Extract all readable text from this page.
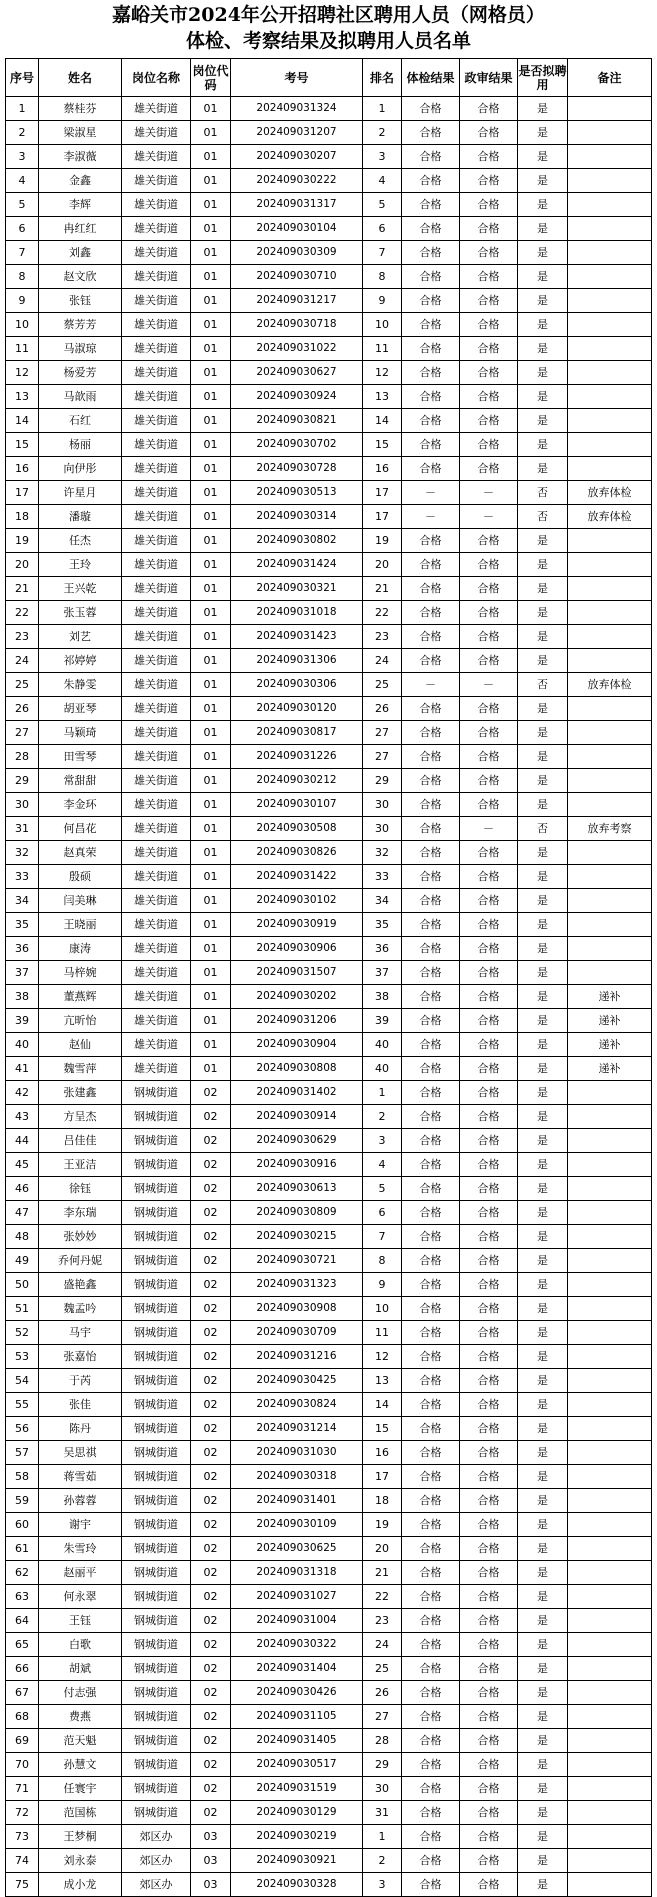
嘉峪关市2024年公开招聘社区聘用人员（网格员）
体检、考察结果及拟聘用人员名单
序号	姓名	岗位名称	岗位代码	考号	排名	体检结果	政审结果	是否拟聘用	备注
1	蔡桂芬	雄关街道	01	202409031324	1	合格	合格	是	
2	梁淑星	雄关街道	01	202409031207	2	合格	合格	是	
3	李淑薇	雄关街道	01	202409030207	3	合格	合格	是	
4	金鑫	雄关街道	01	202409030222	4	合格	合格	是	
5	李辉	雄关街道	01	202409031317	5	合格	合格	是	
6	冉红红	雄关街道	01	202409030104	6	合格	合格	是	
7	刘鑫	雄关街道	01	202409030309	7	合格	合格	是	
8	赵文欣	雄关街道	01	202409030710	8	合格	合格	是	
9	张钰	雄关街道	01	202409031217	9	合格	合格	是	
10	蔡芳芳	雄关街道	01	202409030718	10	合格	合格	是	
11	马淑琼	雄关街道	01	202409031022	11	合格	合格	是	
12	杨爱芳	雄关街道	01	202409030627	12	合格	合格	是	
13	马歆雨	雄关街道	01	202409030924	13	合格	合格	是	
14	石红	雄关街道	01	202409030821	14	合格	合格	是	
15	杨丽	雄关街道	01	202409030702	15	合格	合格	是	
16	向伊彤	雄关街道	01	202409030728	16	合格	合格	是	
17	许星月	雄关街道	01	202409030513	17	－	－	否	放弃体检
18	潘璇	雄关街道	01	202409030314	17	－	－	否	放弃体检
19	任杰	雄关街道	01	202409030802	19	合格	合格	是	
20	王玲	雄关街道	01	202409031424	20	合格	合格	是	
21	王兴乾	雄关街道	01	202409030321	21	合格	合格	是	
22	张玉蓉	雄关街道	01	202409031018	22	合格	合格	是	
23	刘艺	雄关街道	01	202409031423	23	合格	合格	是	
24	祁婷婷	雄关街道	01	202409031306	24	合格	合格	是	
25	朱静雯	雄关街道	01	202409030306	25	－	－	否	放弃体检
26	胡亚琴	雄关街道	01	202409030120	26	合格	合格	是	
27	马颖琦	雄关街道	01	202409030817	27	合格	合格	是	
28	田雪琴	雄关街道	01	202409031226	27	合格	合格	是	
29	常甜甜	雄关街道	01	202409030212	29	合格	合格	是	
30	李金环	雄关街道	01	202409030107	30	合格	合格	是	
31	何昌花	雄关街道	01	202409030508	30	合格	－	否	放弃考察
32	赵真荣	雄关街道	01	202409030826	32	合格	合格	是	
33	殷硕	雄关街道	01	202409031422	33	合格	合格	是	
34	闫美琳	雄关街道	01	202409030102	34	合格	合格	是	
35	王晓丽	雄关街道	01	202409030919	35	合格	合格	是	
36	康涛	雄关街道	01	202409030906	36	合格	合格	是	
37	马梓婉	雄关街道	01	202409031507	37	合格	合格	是	
38	董燕辉	雄关街道	01	202409030202	38	合格	合格	是	递补
39	亢昕怡	雄关街道	01	202409031206	39	合格	合格	是	递补
40	赵仙	雄关街道	01	202409030904	40	合格	合格	是	递补
41	魏雪萍	雄关街道	01	202409030808	40	合格	合格	是	递补
42	张建鑫	钢城街道	02	202409031402	1	合格	合格	是	
43	方呈杰	钢城街道	02	202409030914	2	合格	合格	是	
44	吕佳佳	钢城街道	02	202409030629	3	合格	合格	是	
45	王亚洁	钢城街道	02	202409030916	4	合格	合格	是	
46	徐钰	钢城街道	02	202409030613	5	合格	合格	是	
47	李东瑞	钢城街道	02	202409030809	6	合格	合格	是	
48	张妙妙	钢城街道	02	202409030215	7	合格	合格	是	
49	乔何丹妮	钢城街道	02	202409030721	8	合格	合格	是	
50	盛艳鑫	钢城街道	02	202409031323	9	合格	合格	是	
51	魏孟吟	钢城街道	02	202409030908	10	合格	合格	是	
52	马宇	钢城街道	02	202409030709	11	合格	合格	是	
53	张嘉怡	钢城街道	02	202409031216	12	合格	合格	是	
54	于芮	钢城街道	02	202409030425	13	合格	合格	是	
55	张佳	钢城街道	02	202409030824	14	合格	合格	是	
56	陈丹	钢城街道	02	202409031214	15	合格	合格	是	
57	吴思祺	钢城街道	02	202409031030	16	合格	合格	是	
58	蒋雪茹	钢城街道	02	202409030318	17	合格	合格	是	
59	孙蓉蓉	钢城街道	02	202409031401	18	合格	合格	是	
60	谢宇	钢城街道	02	202409030109	19	合格	合格	是	
61	朱雪玲	钢城街道	02	202409030625	20	合格	合格	是	
62	赵丽平	钢城街道	02	202409031318	21	合格	合格	是	
63	何永翠	钢城街道	02	202409031027	22	合格	合格	是	
64	王钰	钢城街道	02	202409031004	23	合格	合格	是	
65	白歌	钢城街道	02	202409030322	24	合格	合格	是	
66	胡斌	钢城街道	02	202409031404	25	合格	合格	是	
67	付志强	钢城街道	02	202409030426	26	合格	合格	是	
68	费燕	钢城街道	02	202409031105	27	合格	合格	是	
69	范天魁	钢城街道	02	202409031405	28	合格	合格	是	
70	孙慧文	钢城街道	02	202409030517	29	合格	合格	是	
71	任寰宇	钢城街道	02	202409031519	30	合格	合格	是	
72	范国栋	钢城街道	02	202409030129	31	合格	合格	是	
73	王梦桐	郊区办	03	202409030219	1	合格	合格	是	
74	刘永泰	郊区办	03	202409030921	2	合格	合格	是	
75	成小龙	郊区办	03	202409030328	3	合格	合格	是	
